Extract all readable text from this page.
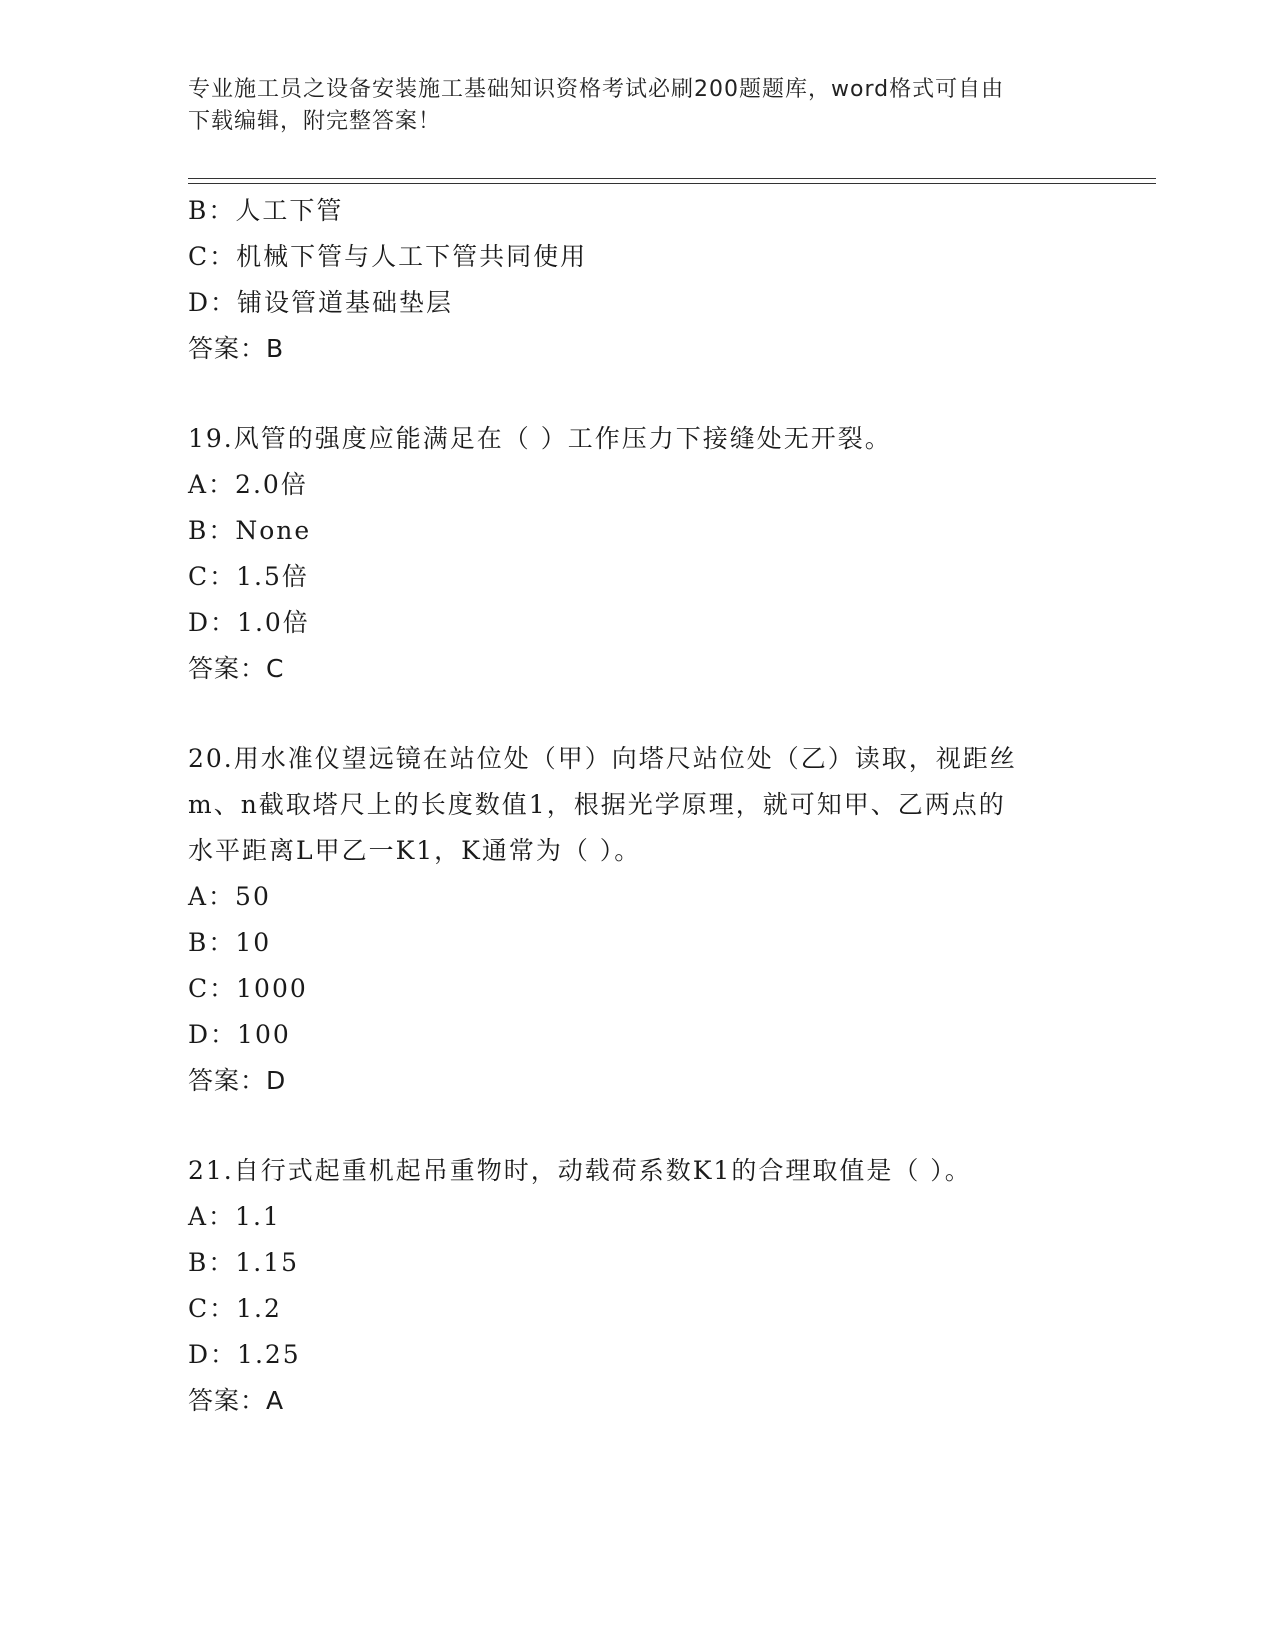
专业施工员之设备安装施工基础知识资格考试必刷200题题库，word格式可自由
下载编辑，附完整答案！
B：人工下管
C：机械下管与人工下管共同使用
D：铺设管道基础垫层
答案：B
19.风管的强度应能满足在（ ）工作压力下接缝处无开裂。
A：2.0倍
B：None
C：1.5倍
D：1.0倍
答案：C
20.用水准仪望远镜在站位处（甲）向塔尺站位处（乙）读取，视距丝
m、n截取塔尺上的长度数值1，根据光学原理，就可知甲、乙两点的
水平距离L甲乙一K1，K通常为（ ）。
A：50
B：10
C：1000
D：100
答案：D
21.自行式起重机起吊重物时，动载荷系数K1的合理取值是（ ）。
A：1.1
B：1.15
C：1.2
D：1.25
答案：A
